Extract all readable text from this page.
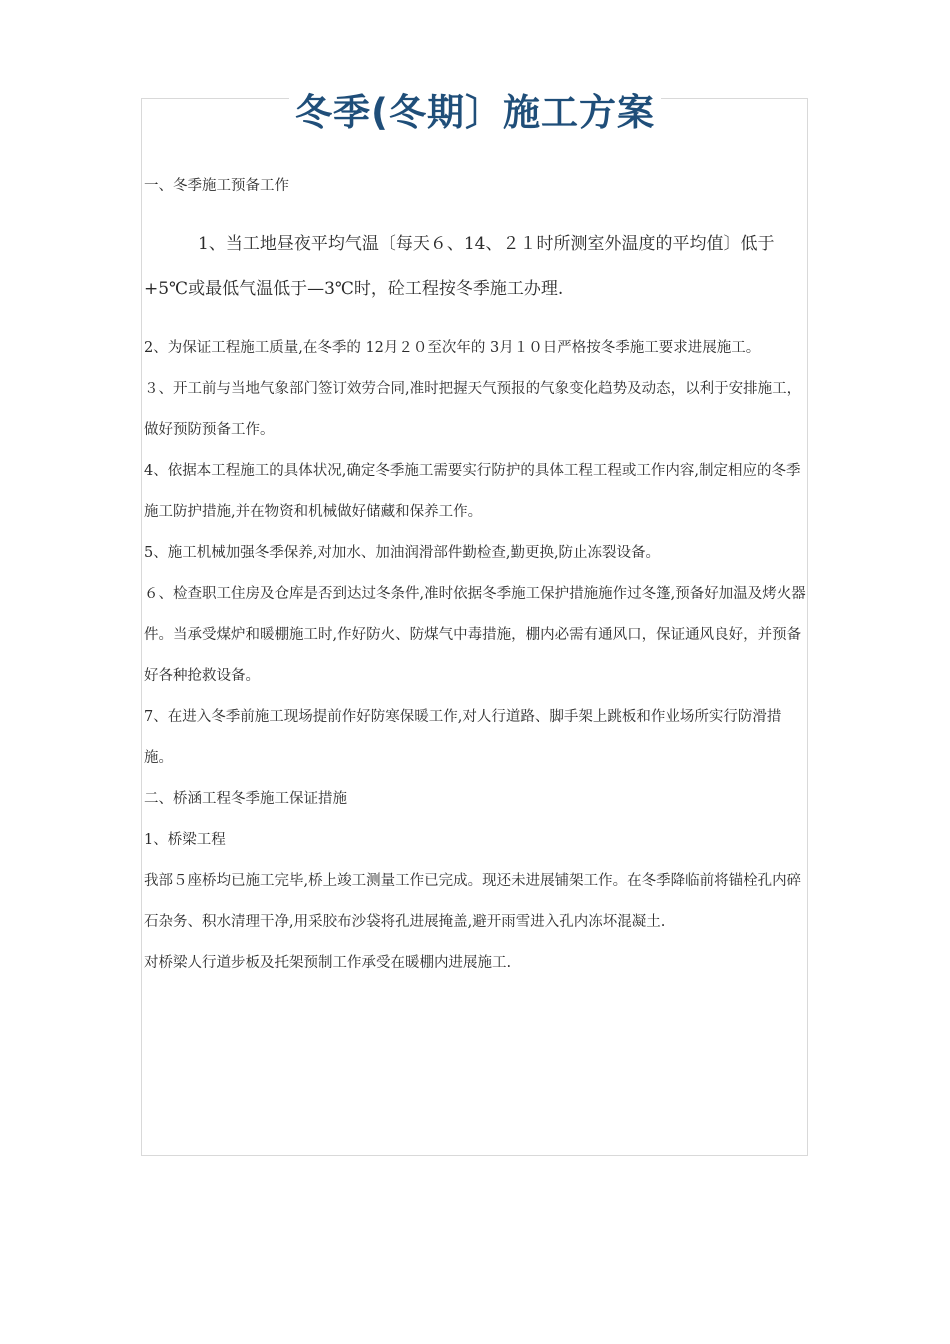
冬季(冬期〕施工方案

一、冬季施工预备工作

1、当工地昼夜平均气温〔每天６、14、２１时所测室外温度的平均值〕低于+5℃或最低气温低于—3℃时，砼工程按冬季施工办理.

2、为保证工程施工质量,在冬季的 12月２０至次年的 3月１０日严格按冬季施工要求进展施工。

３、开工前与当地气象部门签订效劳合同,准时把握天气预报的气象变化趋势及动态，以利于安排施工，做好预防预备工作。

4、依据本工程施工的具体状况,确定冬季施工需要实行防护的具体工程工程或工作内容,制定相应的冬季施工防护措施,并在物资和机械做好储藏和保养工作。

5、施工机械加强冬季保养,对加水、加油润滑部件勤检查,勤更换,防止冻裂设备。

６、检查职工住房及仓库是否到达过冬条件,准时依据冬季施工保护措施施作过冬篷,预备好加温及烤火器件。当承受煤炉和暖棚施工时,作好防火、防煤气中毒措施，棚内必需有通风口，保证通风良好，并预备好各种抢救设备。

7、在进入冬季前施工现场提前作好防寒保暖工作,对人行道路、脚手架上跳板和作业场所实行防滑措施。

二、桥涵工程冬季施工保证措施

1、桥梁工程

我部５座桥均已施工完毕,桥上竣工测量工作已完成。现还未进展铺架工作。在冬季降临前将锚栓孔内碎石杂务、积水清理干净,用采胶布沙袋将孔进展掩盖,避开雨雪进入孔内冻坏混凝土.

对桥梁人行道步板及托架预制工作承受在暖棚内进展施工.
